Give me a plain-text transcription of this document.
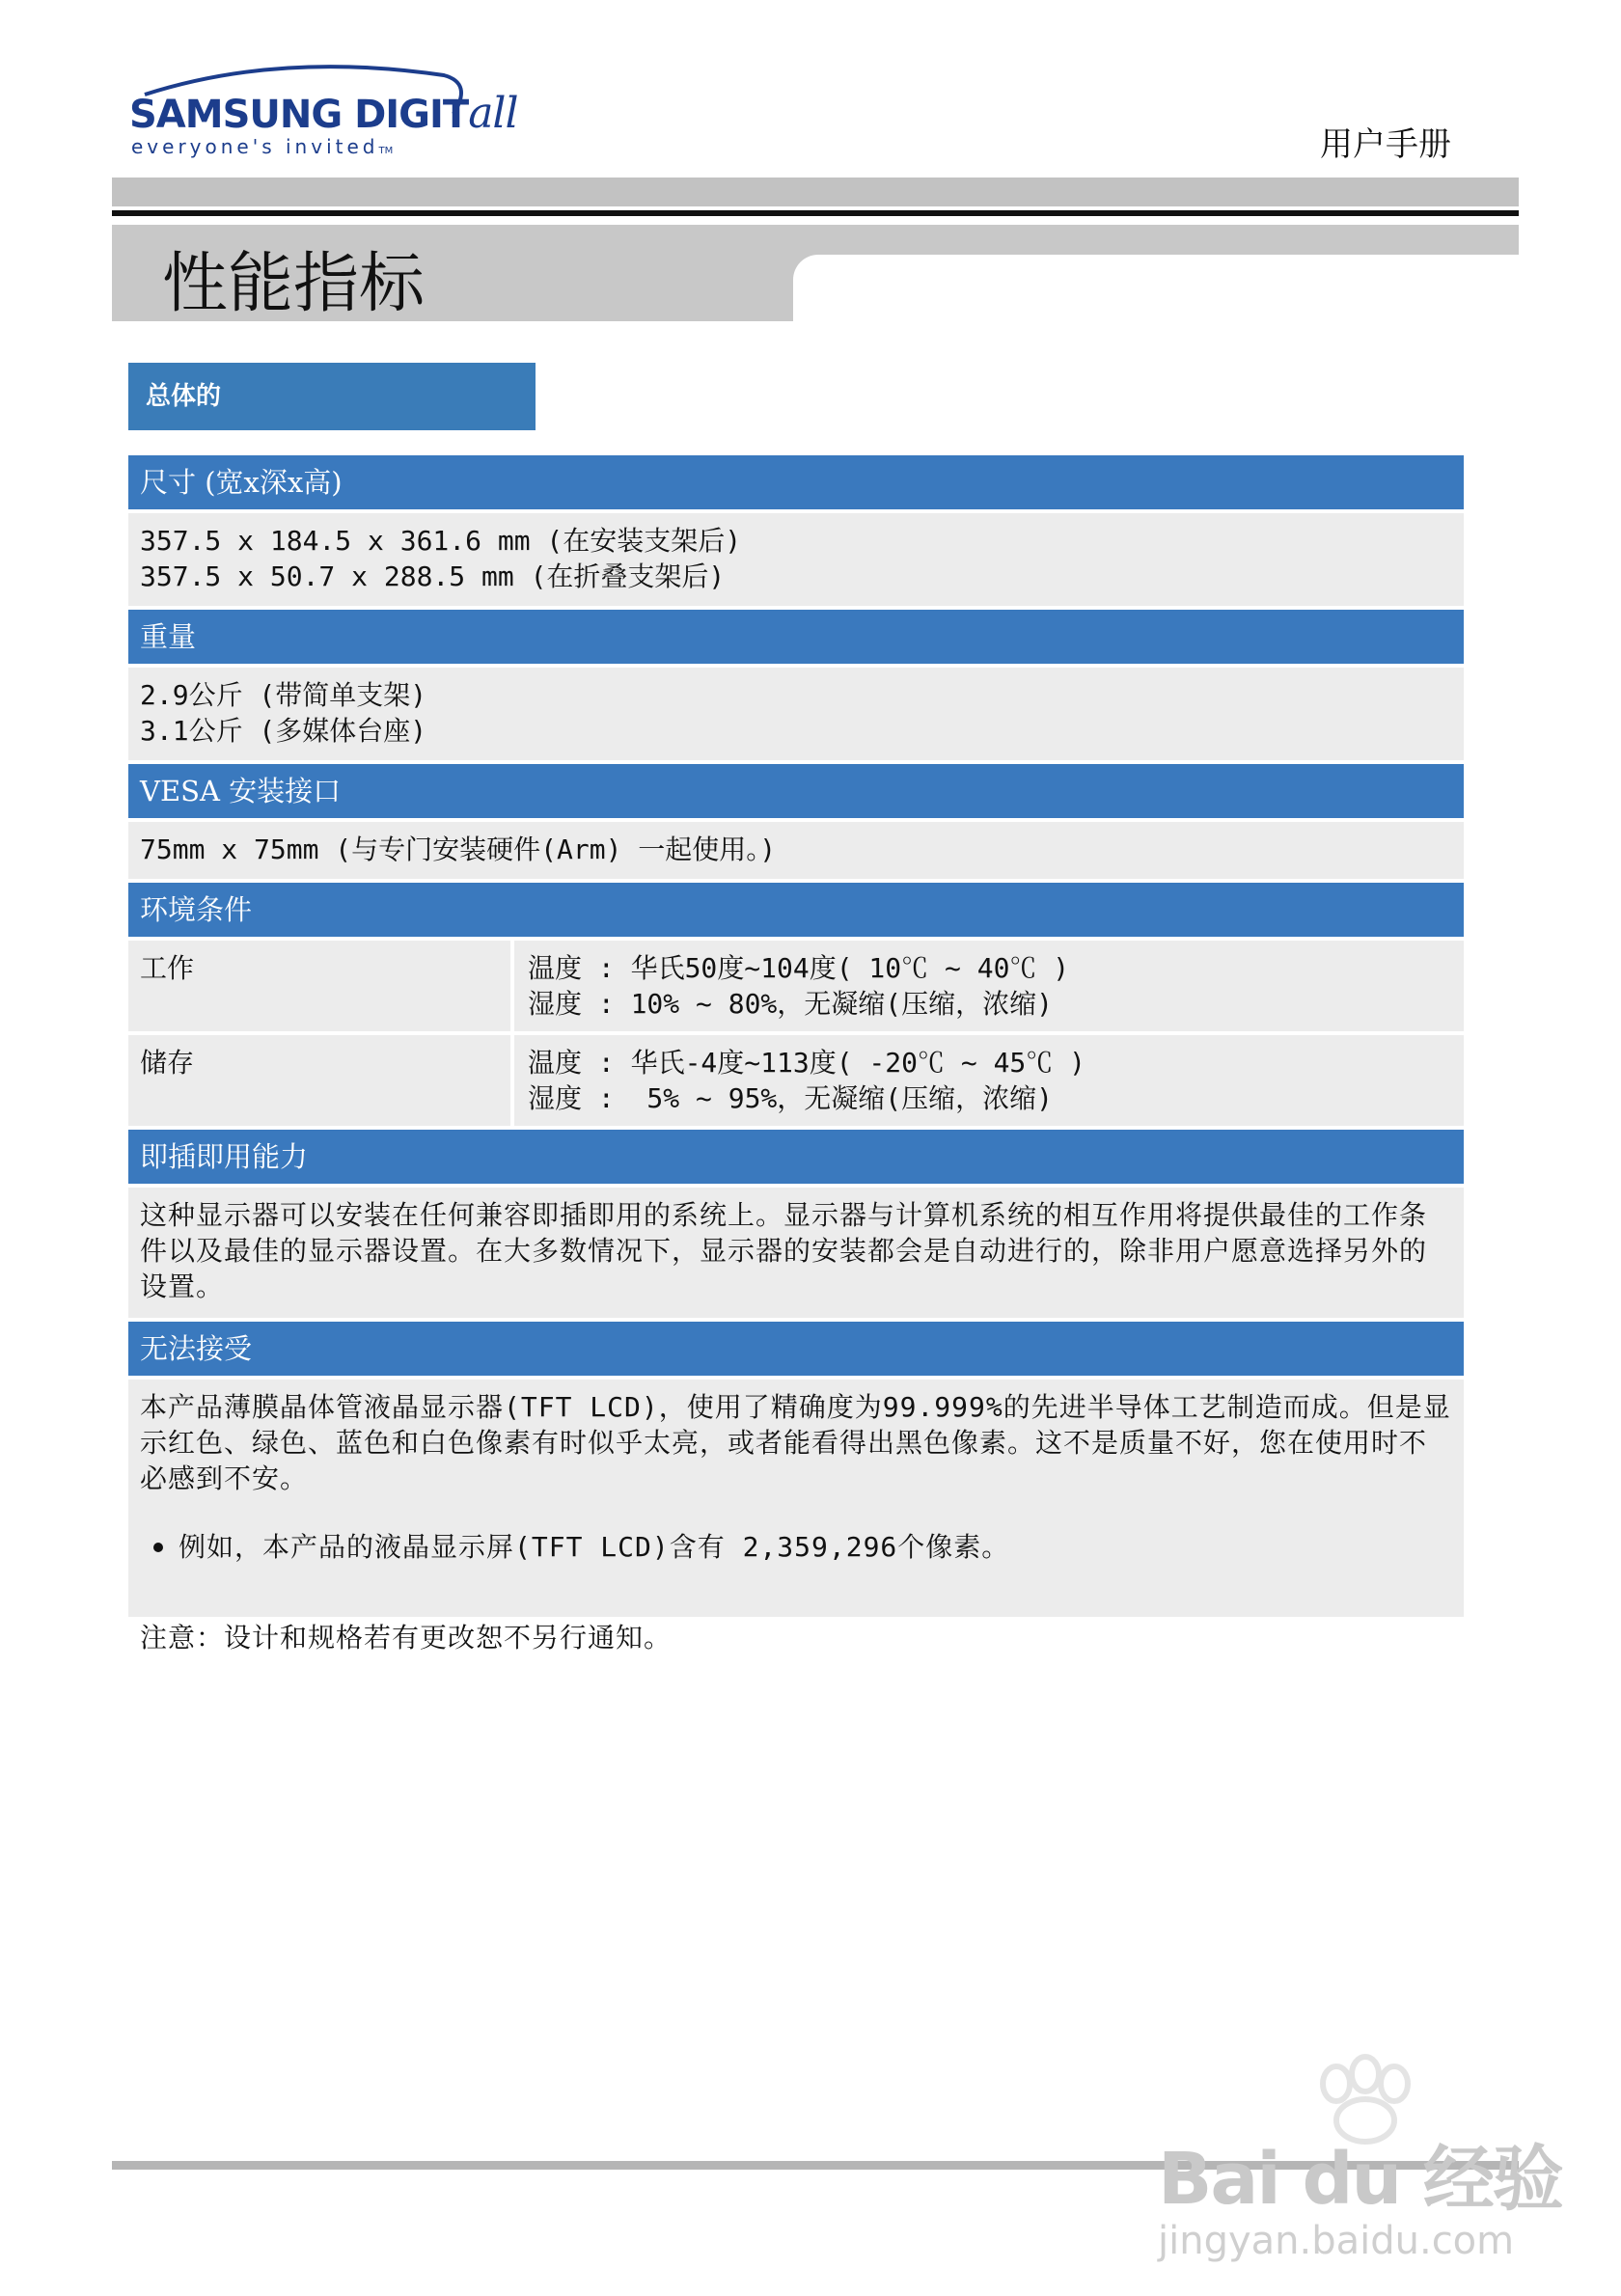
SAMSUNG DIGITall
everyone's invitedTM	用户手册
性能指标
总体的
尺寸 (宽x深x高)
357.5 x 184.5 x 361.6 mm (在安装支架后)
357.5 x 50.7 x 288.5 mm (在折叠支架后)
重量
2.9公斤 (带简单支架)
3.1公斤 (多媒体台座)
VESA 安装接口
75mm x 75mm (与专门安装硬件(Arm) 一起使用。)
环境条件
工作	温度 : 华氏50度~104度( 10℃ ~ 40℃ )
湿度 : 10% ~ 80%，无凝缩(压缩，浓缩)
储存	温度 : 华氏-4度~113度( -20℃ ~ 45℃ )
湿度 :  5% ~ 95%，无凝缩(压缩，浓缩)
即插即用能力
这种显示器可以安装在任何兼容即插即用的系统上。显示器与计算机系统的相互作用将提供最佳的工作条件以及最佳的显示器设置。在大多数情况下，显示器的安装都会是自动进行的，除非用户愿意选择另外的设置。
无法接受
本产品薄膜晶体管液晶显示器(TFT LCD)，使用了精确度为99.999%的先进半导体工艺制造而成。但是显示红色、绿色、蓝色和白色像素有时似乎太亮，或者能看得出黑色像素。这不是质量不好，您在使用时不必感到不安。
例如，本产品的液晶显示屏(TFT LCD)含有 2,359,296个像素。
注意：设计和规格若有更改恕不另行通知。
Bai du 经验
jingyan.baidu.com
